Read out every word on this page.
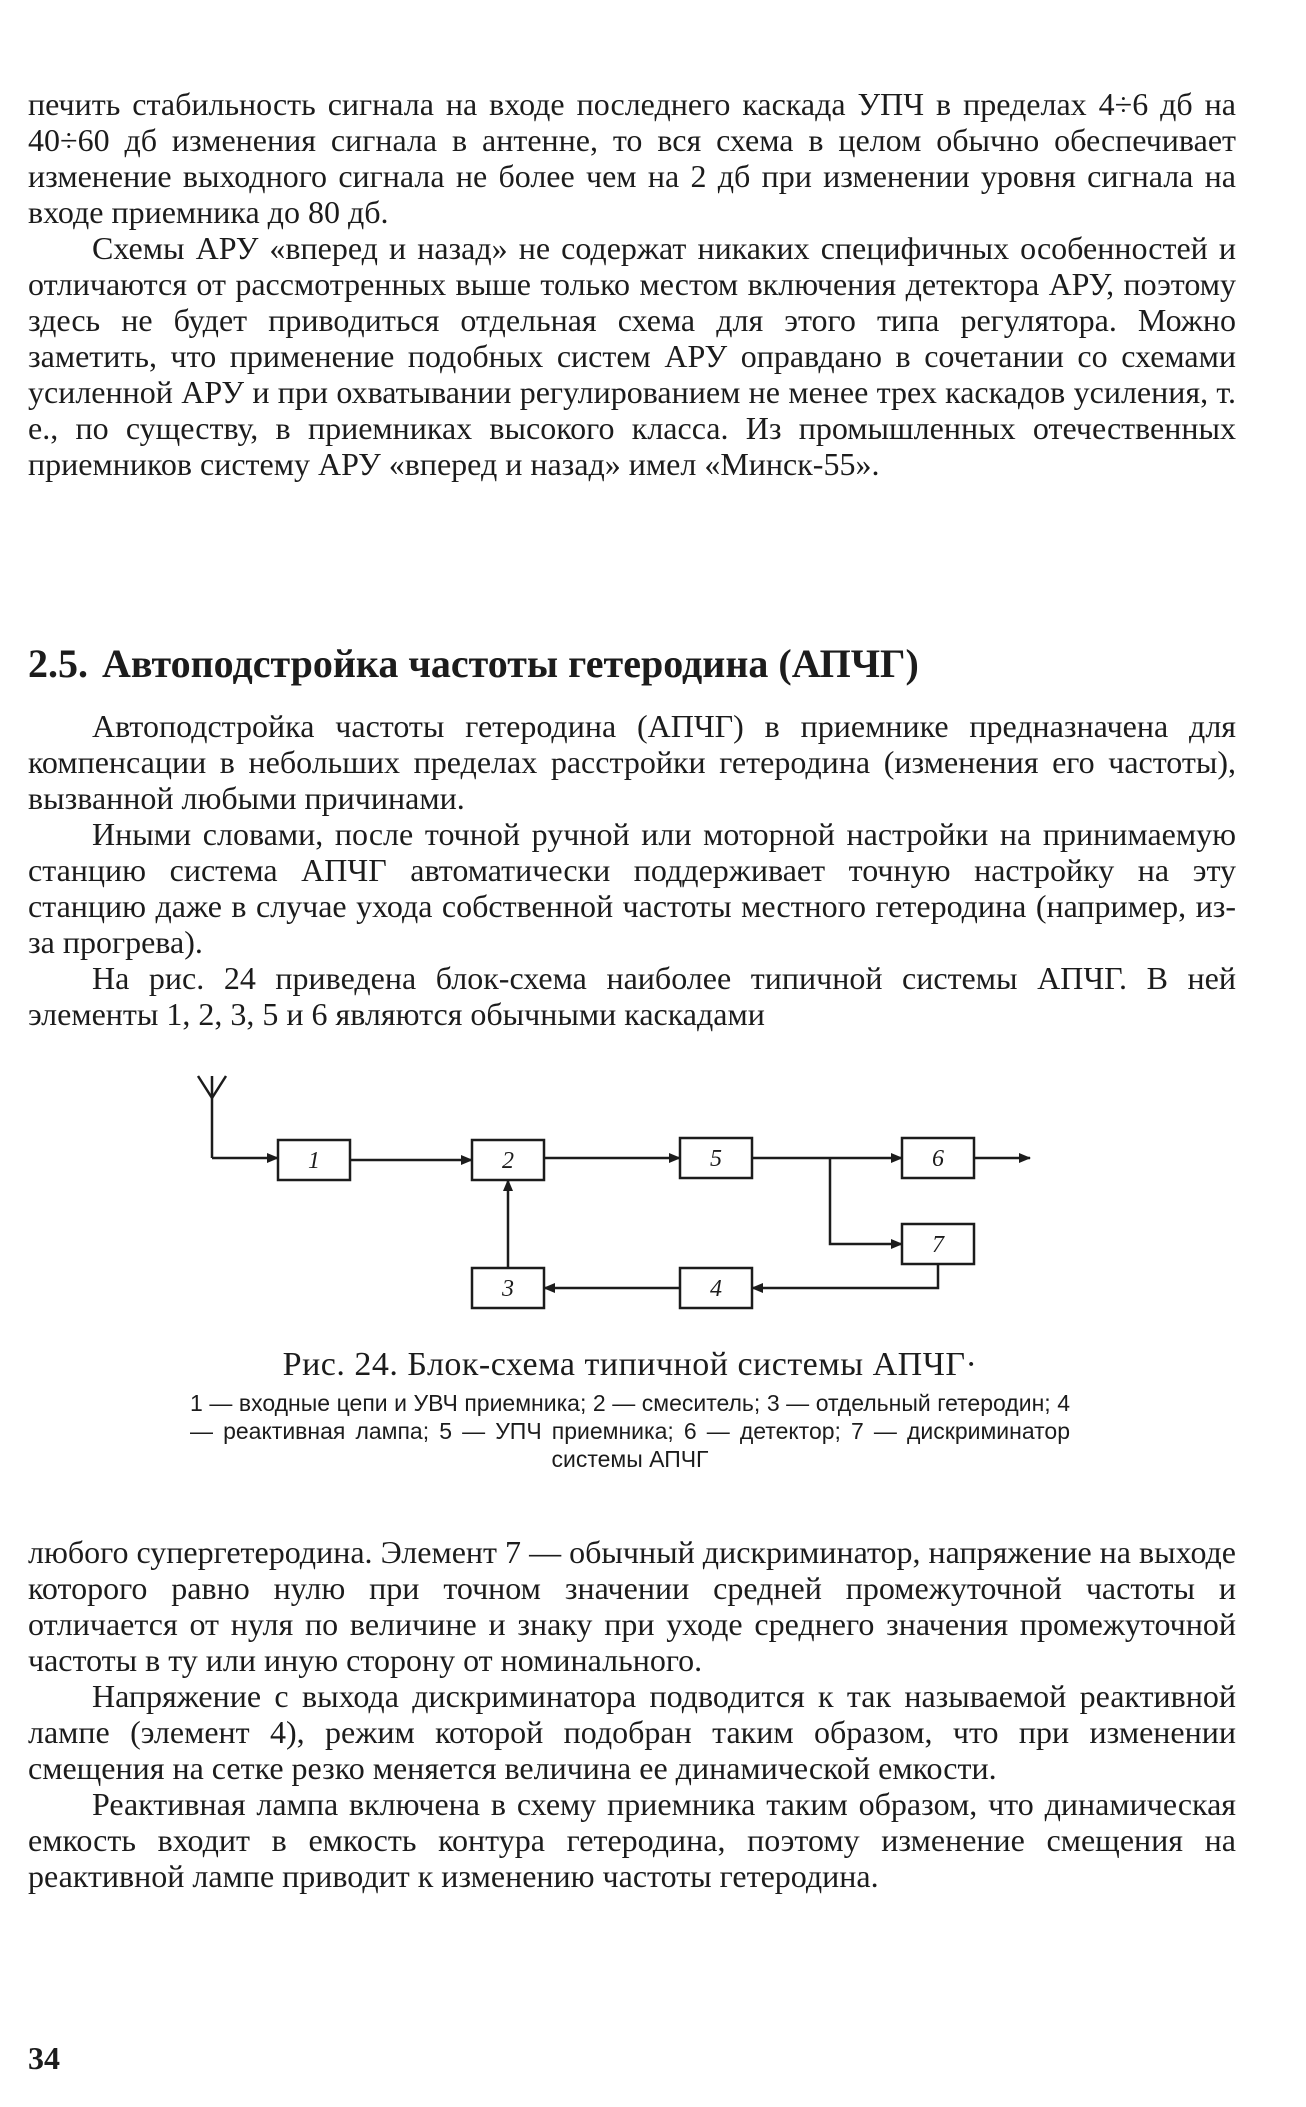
печить стабильность сигнала на входе последнего каскада УПЧ в пределах 4÷6 дб на 40÷60 дб изменения сигнала в антенне, то вся схема в целом обычно обеспечивает изменение выходного сигнала не более чем на 2 дб при изменении уровня сигнала на входе приемника до 80 дб.

Схемы АРУ «вперед и назад» не содержат никаких специфичных особенностей и отличаются от рассмотренных выше только местом включения детектора АРУ, поэтому здесь не будет приводиться отдельная схема для этого типа регулятора. Можно заметить, что применение подобных систем АРУ оправдано в сочетании со схемами усиленной АРУ и при охватывании регулированием не менее трех каскадов усиления, т. е., по существу, в приемниках высокого класса. Из промышленных отечественных приемников систему АРУ «вперед и назад» имел «Минск-55».

2.5. Автоподстройка частоты гетеродина (АПЧГ)

Автоподстройка частоты гетеродина (АПЧГ) в приемнике предназначена для компенсации в небольших пределах расстройки гетеродина (изменения его частоты), вызванной любыми причинами.

Иными словами, после точной ручной или моторной настройки на принимаемую станцию система АПЧГ автоматически поддерживает точную настройку на эту станцию даже в случае ухода собственной частоты местного гетеродина (например, из-за прогрева).

На рис. 24 приведена блок-схема наиболее типичной системы АПЧГ. В ней элементы 1, 2, 3, 5 и 6 являются обычными каскадами

1	2
3	4
5	6
7

Рис. 24. Блок-схема типичной системы АПЧГ·

1 — входные цепи и УВЧ приемника; 2 — смеситель; 3 — отдельный гетеродин; 4 — реактивная лампа; 5 — УПЧ приемника; 6 — детектор; 7 — дискриминатор системы АПЧГ

любого супергетеродина. Элемент 7 — обычный дискриминатор, напряжение на выходе которого равно нулю при точном значении средней промежуточной частоты и отличается от нуля по величине и знаку при уходе среднего значения промежуточной частоты в ту или иную сторону от номинального.

Напряжение с выхода дискриминатора подводится к так называемой реактивной лампе (элемент 4), режим которой подобран таким образом, что при изменении смещения на сетке резко меняется величина ее динамической емкости.

Реактивная лампа включена в схему приемника таким образом, что динамическая емкость входит в емкость контура гетеродина, поэтому изменение смещения на реактивной лампе приводит к изменению частоты гетеродина.

34
